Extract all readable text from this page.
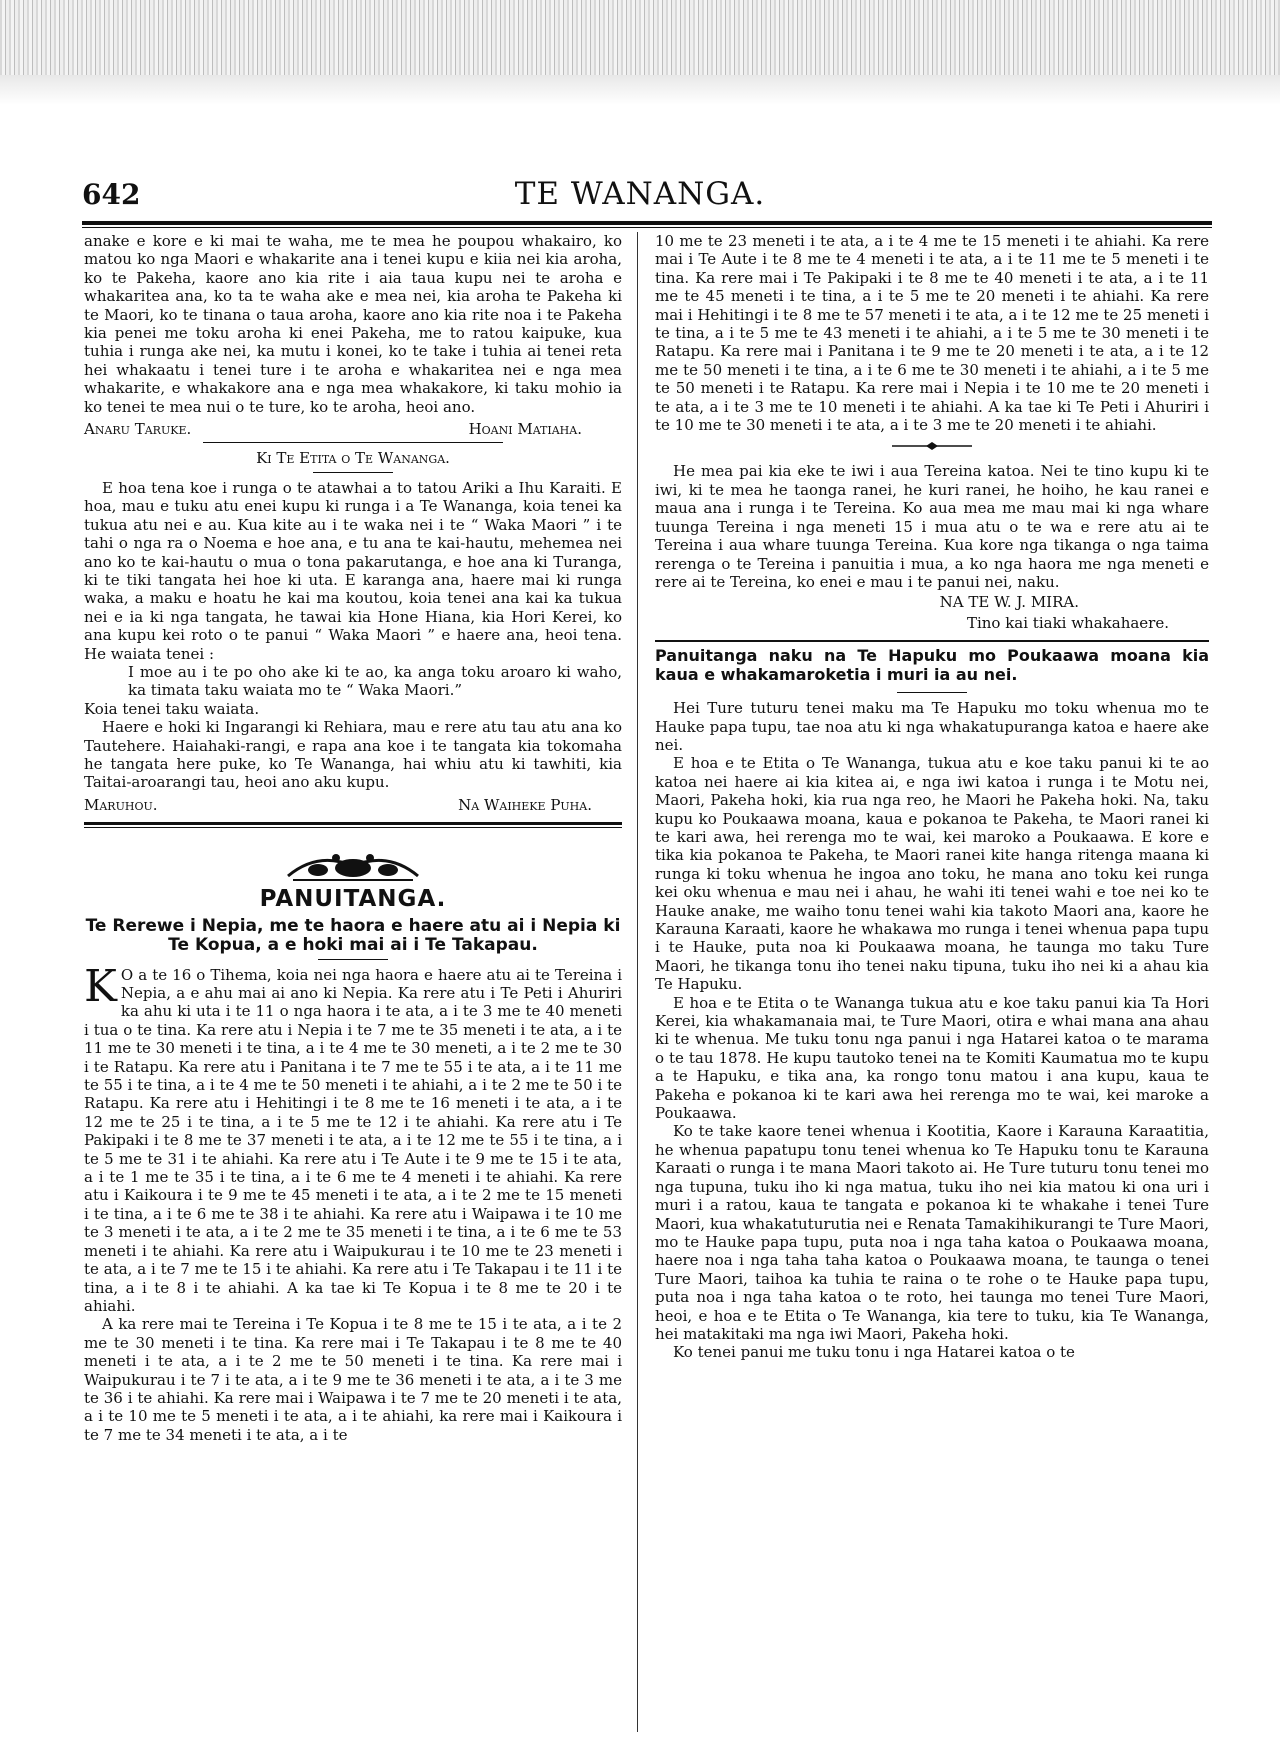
642	TE WANANGA.

anake e kore e ki mai te waha, me te mea he poupou whakairo, ko matou ko nga Maori e whakarite ana i tenei kupu e kiia nei kia aroha, ko te Pakeha, kaore ano kia rite i aia taua kupu nei te aroha e whakaritea ana, ko ta te waha ake e mea nei, kia aroha te Pakeha ki te Maori, ko te tinana o taua aroha, kaore ano kia rite noa i te Pakeha kia penei me toku aroha ki enei Pakeha, me to ratou kaipuke, kua tuhia i runga ake nei, ka mutu i konei, ko te take i tuhia ai tenei reta hei whakaatu i tenei ture i te aroha e whakaritea nei e nga mea whakarite, e whakakore ana e nga mea whakakore, ki taku mohio ia ko tenei te mea nui o te ture, ko te aroha, heoi ano.

Anaru Taruke.	Hoani Matiaha.
Ki Te Etita o Te Wananga.

E hoa tena koe i runga o te atawhai a to tatou Ariki a Ihu Karaiti. E hoa, mau e tuku atu enei kupu ki runga i a Te Wananga, koia tenei ka tukua atu nei e au. Kua kite au i te waka nei i te “ Waka Maori ” i te tahi o nga ra o Noema e hoe ana, e tu ana te kai-hautu, mehemea nei ano ko te kai-hautu o mua o tona pakarutanga, e hoe ana ki Turanga, ki te tiki tangata hei hoe ki uta. E karanga ana, haere mai ki runga waka, a maku e hoatu he kai ma koutou, koia tenei ana kai ka tukua nei e ia ki nga tangata, he tawai kia Hone Hiana, kia Hori Kerei, ko ana kupu kei roto o te panui “ Waka Maori ” e haere ana, heoi tena. He waiata tenei :

I moe au i te po oho ake ki te ao, ka anga toku aroaro ki waho, ka timata taku waiata mo te “ Waka Maori.”

Koia tenei taku waiata.

Haere e hoki ki Ingarangi ki Rehiara, mau e rere atu tau atu ana ko Tautehere. Haiahaki-rangi, e rapa ana koe i te tangata kia tokomaha he tangata here puke, ko Te Wananga, hai whiu atu ki tawhiti, kia Taitai-aroarangi tau, heoi ano aku kupu.

Maruhou.	Na Waiheke Puha.
PANUITANGA.
Te Rerewe i Nepia, me te haora e haere atu ai i Nepia ki Te Kopua, a e hoki mai ai i Te Takapau.

K O a te 16 o Tihema, koia nei nga haora e haere atu ai te Tereina i Nepia, a e ahu mai ai ano ki Nepia. Ka rere atu i Te Peti i Ahuriri ka ahu ki uta i te 11 o nga haora i te ata, a i te 3 me te 40 meneti i tua o te tina. Ka rere atu i Nepia i te 7 me te 35 meneti i te ata, a i te 11 me te 30 meneti i te tina, a i te 4 me te 30 meneti, a i te 2 me te 30 i te Ratapu. Ka rere atu i Panitana i te 7 me te 55 i te ata, a i te 11 me te 55 i te tina, a i te 4 me te 50 meneti i te ahiahi, a i te 2 me te 50 i te Ratapu. Ka rere atu i Hehitingi i te 8 me te 16 meneti i te ata, a i te 12 me te 25 i te tina, a i te 5 me te 12 i te ahiahi. Ka rere atu i Te Pakipaki i te 8 me te 37 meneti i te ata, a i te 12 me te 55 i te tina, a i te 5 me te 31 i te ahiahi. Ka rere atu i Te Aute i te 9 me te 15 i te ata, a i te 1 me te 35 i te tina, a i te 6 me te 4 meneti i te ahiahi. Ka rere atu i Kaikoura i te 9 me te 45 meneti i te ata, a i te 2 me te 15 meneti i te tina, a i te 6 me te 38 i te ahiahi. Ka rere atu i Waipawa i te 10 me te 3 meneti i te ata, a i te 2 me te 35 meneti i te tina, a i te 6 me te 53 meneti i te ahiahi. Ka rere atu i Waipukurau i te 10 me te 23 meneti i te ata, a i te 7 me te 15 i te ahiahi. Ka rere atu i Te Takapau i te 11 i te tina, a i te 8 i te ahiahi. A ka tae ki Te Kopua i te 8 me te 20 i te ahiahi.

A ka rere mai te Tereina i Te Kopua i te 8 me te 15 i te ata, a i te 2 me te 30 meneti i te tina. Ka rere mai i Te Takapau i te 8 me te 40 meneti i te ata, a i te 2 me te 50 meneti i te tina. Ka rere mai i Waipukurau i te 7 i te ata, a i te 9 me te 36 meneti i te ata, a i te 3 me te 36 i te ahiahi. Ka rere mai i Waipawa i te 7 me te 20 meneti i te ata, a i te 10 me te 5 meneti i te ata, a i te ahiahi, ka rere mai i Kaikoura i te 7 me te 34 meneti i te ata, a i te

10 me te 23 meneti i te ata, a i te 4 me te 15 meneti i te ahiahi. Ka rere mai i Te Aute i te 8 me te 4 meneti i te ata, a i te 11 me te 5 meneti i te tina. Ka rere mai i Te Pakipaki i te 8 me te 40 meneti i te ata, a i te 11 me te 45 meneti i te tina, a i te 5 me te 20 meneti i te ahiahi. Ka rere mai i Hehitingi i te 8 me te 57 meneti i te ata, a i te 12 me te 25 meneti i te tina, a i te 5 me te 43 meneti i te ahiahi, a i te 5 me te 30 meneti i te Ratapu. Ka rere mai i Panitana i te 9 me te 20 meneti i te ata, a i te 12 me te 50 meneti i te tina, a i te 6 me te 30 meneti i te ahiahi, a i te 5 me te 50 meneti i te Ratapu. Ka rere mai i Nepia i te 10 me te 20 meneti i te ata, a i te 3 me te 10 meneti i te ahiahi. A ka tae ki Te Peti i Ahuriri i te 10 me te 30 meneti i te ata, a i te 3 me te 20 meneti i te ahiahi.

He mea pai kia eke te iwi i aua Tereina katoa. Nei te tino kupu ki te iwi, ki te mea he taonga ranei, he kuri ranei, he hoiho, he kau ranei e maua ana i runga i te Tereina. Ko aua mea me mau mai ki nga whare tuunga Tereina i nga meneti 15 i mua atu o te wa e rere atu ai te Tereina i aua whare tuunga Tereina. Kua kore nga tikanga o nga taima rerenga o te Tereina i panuitia i mua, a ko nga haora me nga meneti e rere ai te Tereina, ko enei e mau i te panui nei, naku.

NA TE W. J. MIRA.
Tino kai tiaki whakahaere.
Panuitanga naku na Te Hapuku mo Poukaawa moana kia kaua e whakamaroketia i muri ia au nei.

Hei Ture tuturu tenei maku ma Te Hapuku mo toku whenua mo te Hauke papa tupu, tae noa atu ki nga whakatupuranga katoa e haere ake nei.

E hoa e te Etita o Te Wananga, tukua atu e koe taku panui ki te ao katoa nei haere ai kia kitea ai, e nga iwi katoa i runga i te Motu nei, Maori, Pakeha hoki, kia rua nga reo, he Maori he Pakeha hoki. Na, taku kupu ko Poukaawa moana, kaua e pokanoa te Pakeha, te Maori ranei ki te kari awa, hei rerenga mo te wai, kei maroko a Poukaawa. E kore e tika kia pokanoa te Pakeha, te Maori ranei kite hanga ritenga maana ki runga ki toku whenua he ingoa ano toku, he mana ano toku kei runga kei oku whenua e mau nei i ahau, he wahi iti tenei wahi e toe nei ko te Hauke anake, me waiho tonu tenei wahi kia takoto Maori ana, kaore he Karauna Karaati, kaore he whakawa mo runga i tenei whenua papa tupu i te Hauke, puta noa ki Poukaawa moana, he taunga mo taku Ture Maori, he tikanga tonu iho tenei naku tipuna, tuku iho nei ki a ahau kia Te Hapuku.

E hoa e te Etita o te Wananga tukua atu e koe taku panui kia Ta Hori Kerei, kia whakamanaia mai, te Ture Maori, otira e whai mana ana ahau ki te whenua. Me tuku tonu nga panui i nga Hatarei katoa o te marama o te tau 1878. He kupu tautoko tenei na te Komiti Kaumatua mo te kupu a te Hapuku, e tika ana, ka rongo tonu matou i ana kupu, kaua te Pakeha e pokanoa ki te kari awa hei rerenga mo te wai, kei maroke a Poukaawa.

Ko te take kaore tenei whenua i Kootitia, Kaore i Karauna Karaatitia, he whenua papatupu tonu tenei whenua ko Te Hapuku tonu te Karauna Karaati o runga i te mana Maori takoto ai. He Ture tuturu tonu tenei mo nga tupuna, tuku iho ki nga matua, tuku iho nei kia matou ki ona uri i muri i a ratou, kaua te tangata e pokanoa ki te whakahe i tenei Ture Maori, kua whakatuturutia nei e Renata Tamakihikurangi te Ture Maori, mo te Hauke papa tupu, puta noa i nga taha katoa o Poukaawa moana, haere noa i nga taha taha katoa o Poukaawa moana, te taunga o tenei Ture Maori, taihoa ka tuhia te raina o te rohe o te Hauke papa tupu, puta noa i nga taha katoa o te roto, hei taunga mo tenei Ture Maori, heoi, e hoa e te Etita o Te Wananga, kia tere to tuku, kia Te Wananga, hei matakitaki ma nga iwi Maori, Pakeha hoki.

Ko tenei panui me tuku tonu i nga Hatarei katoa o te
